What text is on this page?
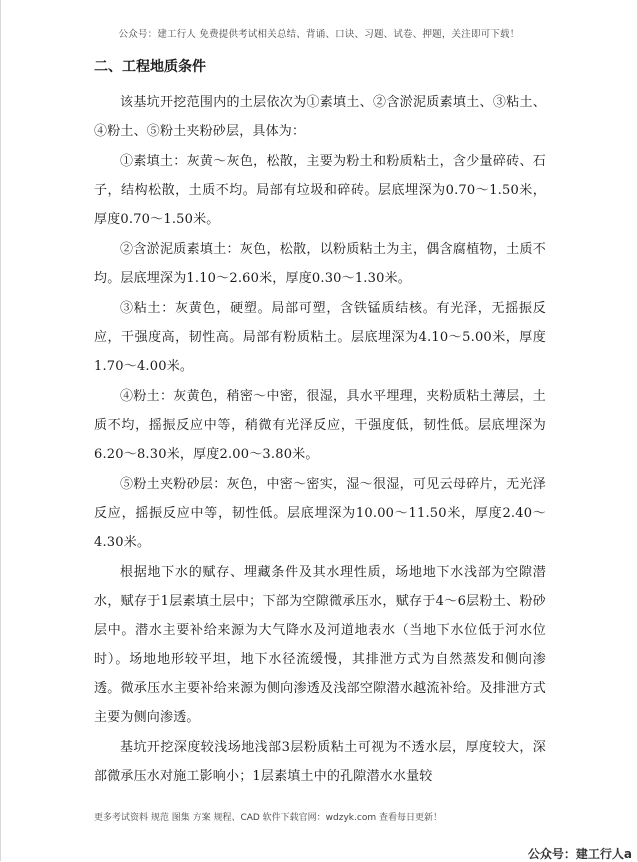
公众号：建工行人 免费提供考试相关总结、背诵、口诀、习题、试卷、押题，关注即可下载！
二、工程地质条件

该基坑开挖范围内的土层依次为①素填土、②含淤泥质素填土、③粘土、④粉土、⑤粉土夹粉砂层，具体为：

①素填土：灰黄～灰色，松散，主要为粉土和粉质粘土，含少量碎砖、石子，结构松散，土质不均。局部有垃圾和碎砖。层底埋深为0.70～1.50米，厚度0.70～1.50米。

②含淤泥质素填土：灰色，松散，以粉质粘土为主，偶含腐植物，土质不均。层底埋深为1.10～2.60米，厚度0.30～1.30米。

③粘土：灰黄色，硬塑。局部可塑，含铁锰质结核。有光泽，无摇振反应，干强度高，韧性高。局部有粉质粘土。层底埋深为4.10～5.00米，厚度1.70～4.00米。

④粉土：灰黄色，稍密～中密，很湿，具水平埋理，夹粉质粘土薄层，土质不均，摇振反应中等，稍微有光泽反应，干强度低，韧性低。层底埋深为6.20～8.30米，厚度2.00～3.80米。

⑤粉土夹粉砂层：灰色，中密～密实，湿～很湿，可见云母碎片，无光泽反应，摇振反应中等，韧性低。层底埋深为10.00～11.50米，厚度2.40～4.30米。

根据地下水的赋存、埋藏条件及其水理性质，场地地下水浅部为空隙潜水，赋存于1层素填土层中；下部为空隙微承压水，赋存于4～6层粉土、粉砂层中。潜水主要补给来源为大气降水及河道地表水（当地下水位低于河水位时）。场地地形较平坦，地下水径流缓慢，其排泄方式为自然蒸发和侧向渗透。微承压水主要补给来源为侧向渗透及浅部空隙潜水越流补给。及排泄方式主要为侧向渗透。

基坑开挖深度较浅场地浅部3层粉质粘土可视为不透水层，厚度较大，深部微承压水对施工影响小；1层素填土中的孔隙潜水水量较

更多考试资料 规范 图集 方案 规程、CAD 软件下载官网：wdzyk.com 查看每日更新！
公众号：建工行人a
